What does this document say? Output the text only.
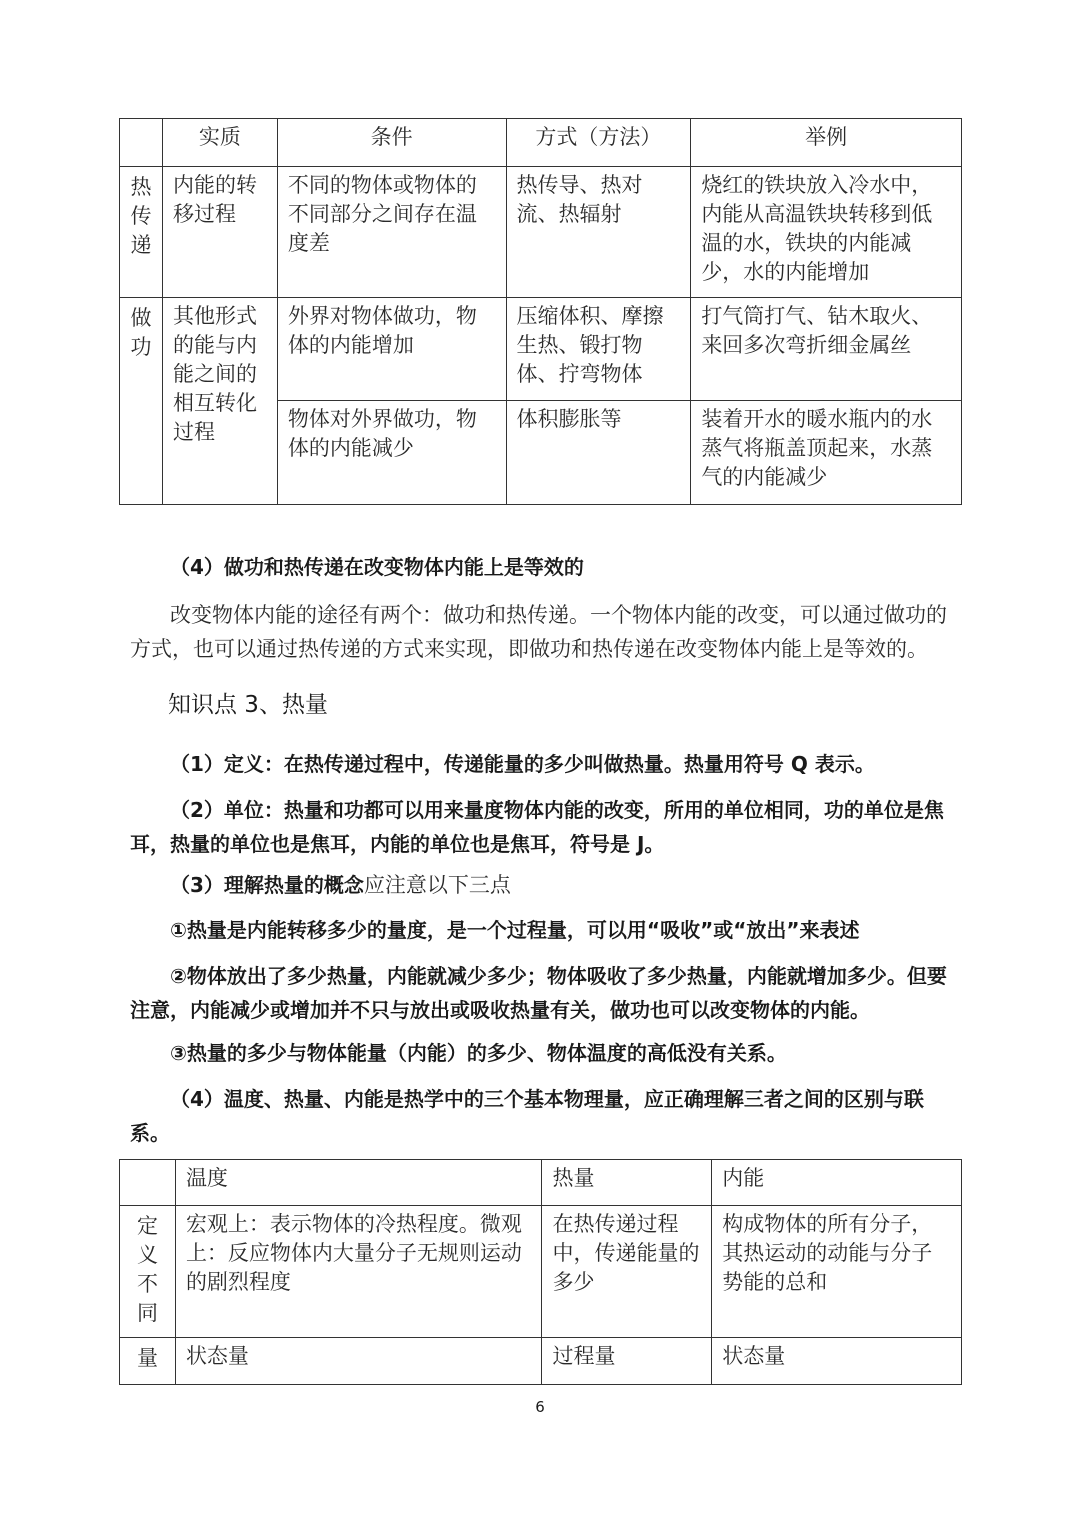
	实质	条件	方式（方法）	举例

热传递	内能的转移过程	不同的物体或物体的不同部分之间存在温度差	热传导、热对流、热辐射	烧红的铁块放入冷水中，内能从高温铁块转移到低温的水，铁块的内能减少，水的内能增加

做功	其他形式的能与内能之间的相互转化过程	外界对物体做功，物体的内能增加	压缩体积、摩擦生热、锻打物体、拧弯物体	打气筒打气、钻木取火、来回多次弯折细金属丝
		物体对外界做功，物体的内能减少	体积膨胀等	装着开水的暖水瓶内的水蒸气将瓶盖顶起来，水蒸气的内能减少
（4）做功和热传递在改变物体内能上是等效的
改变物体内能的途径有两个：做功和热传递。一个物体内能的改变，可以通过做功的方式，也可以通过热传递的方式来实现，即做功和热传递在改变物体内能上是等效的。
知识点 3、热量
（1）定义：在热传递过程中，传递能量的多少叫做热量。热量用符号 Q 表示。
（2）单位：热量和功都可以用来量度物体内能的改变，所用的单位相同，功的单位是焦耳，热量的单位也是焦耳，内能的单位也是焦耳，符号是 J。
（3）理解热量的概念应注意以下三点
①热量是内能转移多少的量度，是一个过程量，可以用“吸收”或“放出”来表述
②物体放出了多少热量，内能就减少多少；物体吸收了多少热量，内能就增加多少。但要注意，内能减少或增加并不只与放出或吸收热量有关，做功也可以改变物体的内能。
③热量的多少与物体能量（内能）的多少、物体温度的高低没有关系。
（4）温度、热量、内能是热学中的三个基本物理量，应正确理解三者之间的区别与联系。
	温度	热量	内能

定义不同	宏观上：表示物体的冷热程度。微观上：反应物体内大量分子无规则运动的剧烈程度	在热传递过程中，传递能量的多少	构成物体的所有分子，其热运动的动能与分子势能的总和
量	状态量	过程量	状态量
6
